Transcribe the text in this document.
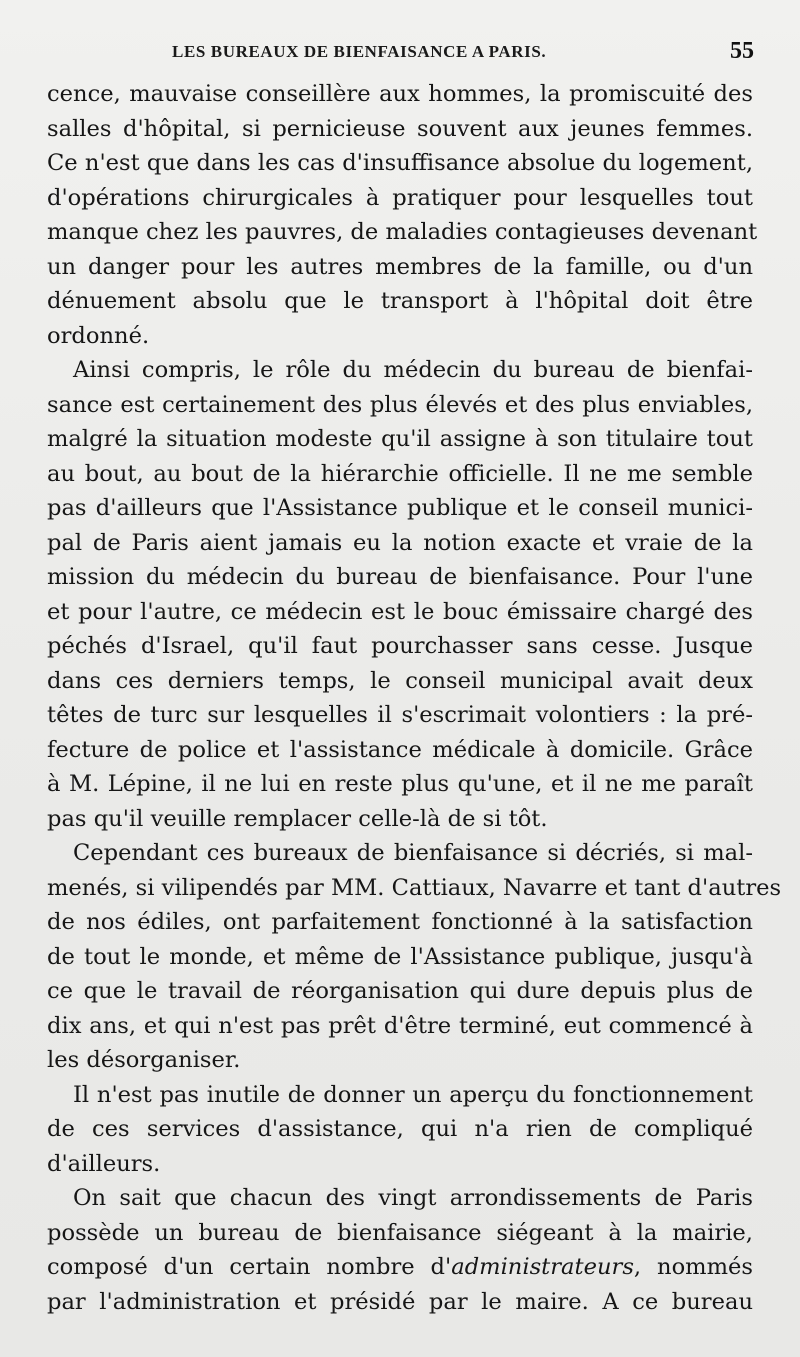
LES BUREAUX DE BIENFAISANCE A PARIS.	55
cence, mauvaise conseillère aux hommes, la promiscuité des
salles d'hôpital, si pernicieuse souvent aux jeunes femmes.
Ce n'est que dans les cas d'insuffisance absolue du logement,
d'opérations chirurgicales à pratiquer pour lesquelles tout
manque chez les pauvres, de maladies contagieuses devenant
un danger pour les autres membres de la famille, ou d'un
dénuement absolu que le transport à l'hôpital doit être
ordonné.
Ainsi compris, le rôle du médecin du bureau de bienfai-
sance est certainement des plus élevés et des plus enviables,
malgré la situation modeste qu'il assigne à son titulaire tout
au bout, au bout de la hiérarchie officielle. Il ne me semble
pas d'ailleurs que l'Assistance publique et le conseil munici-
pal de Paris aient jamais eu la notion exacte et vraie de la
mission du médecin du bureau de bienfaisance. Pour l'une
et pour l'autre, ce médecin est le bouc émissaire chargé des
péchés d'Israel, qu'il faut pourchasser sans cesse. Jusque
dans ces derniers temps, le conseil municipal avait deux
têtes de turc sur lesquelles il s'escrimait volontiers : la pré-
fecture de police et l'assistance médicale à domicile. Grâce
à M. Lépine, il ne lui en reste plus qu'une, et il ne me paraît
pas qu'il veuille remplacer celle-là de si tôt.
Cependant ces bureaux de bienfaisance si décriés, si mal-
menés, si vilipendés par MM. Cattiaux, Navarre et tant d'autres
de nos édiles, ont parfaitement fonctionné à la satisfaction
de tout le monde, et même de l'Assistance publique, jusqu'à
ce que le travail de réorganisation qui dure depuis plus de
dix ans, et qui n'est pas prêt d'être terminé, eut commencé à
les désorganiser.
Il n'est pas inutile de donner un aperçu du fonctionnement
de ces services d'assistance, qui n'a rien de compliqué
d'ailleurs.
On sait que chacun des vingt arrondissements de Paris
possède un bureau de bienfaisance siégeant à la mairie,
composé d'un certain nombre d'administrateurs, nommés
par l'administration et présidé par le maire. A ce bureau
